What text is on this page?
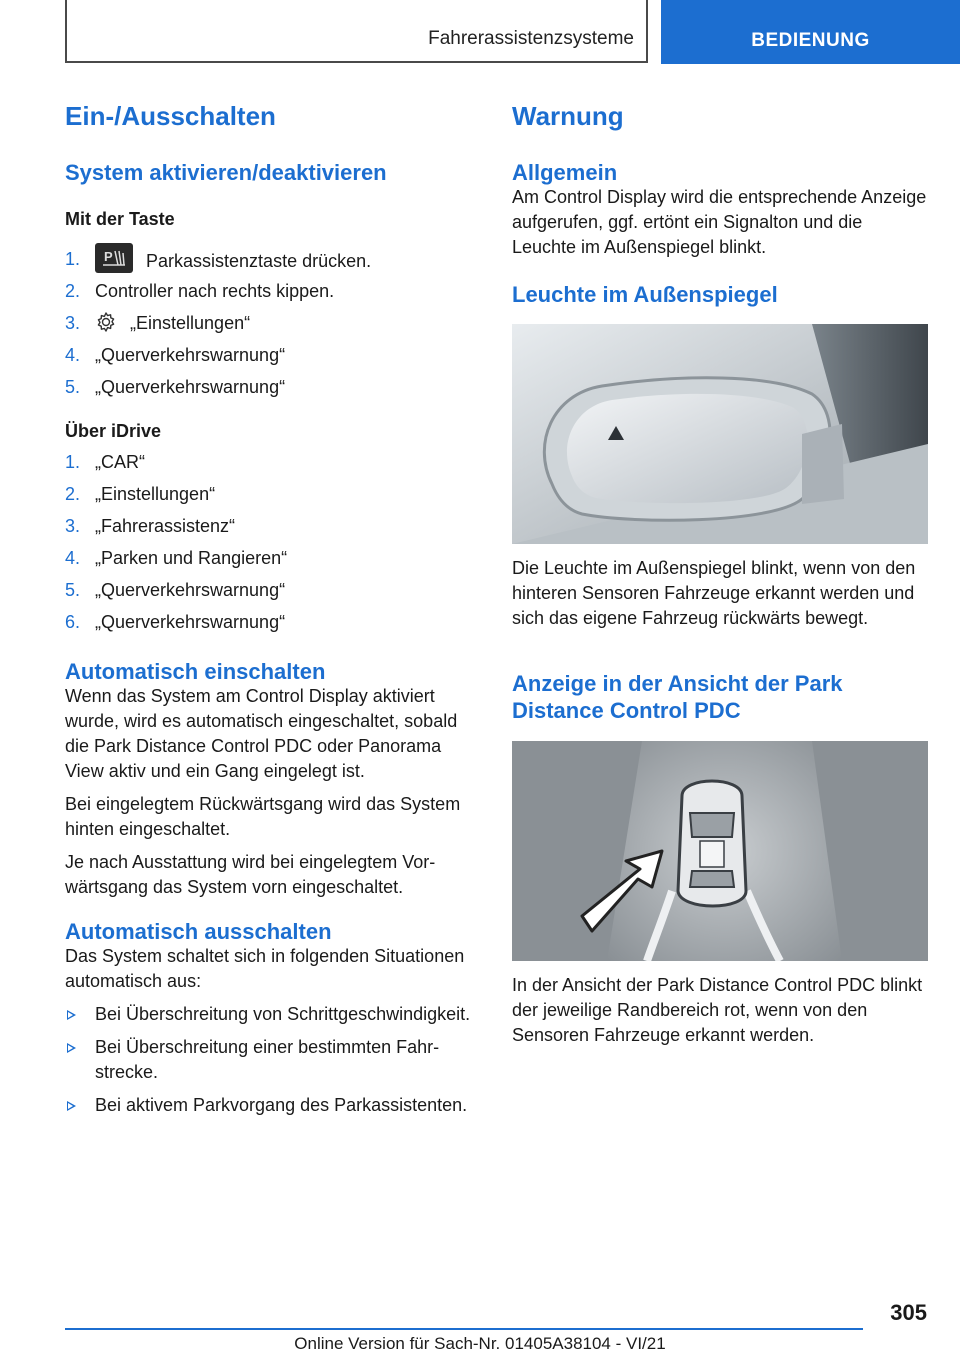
Fahrerassistenzsysteme	BEDIENUNG
Ein-/Ausschalten
System aktivieren/deaktivieren
Mit der Taste
1. P Parkassistenztaste drücken.
2. Controller nach rechts kippen.
3.	„Einstellungen“
4. „Querverkehrswarnung“
5. „Querverkehrswarnung“
Über iDrive
1. „CAR“
2. „Einstellungen“
3. „Fahrerassistenz“
4. „Parken und Rangieren“
5. „Querverkehrswarnung“
6. „Querverkehrswarnung“
Automatisch einschalten

Wenn das System am Control Display aktiviert wurde, wird es automatisch eingeschaltet, sobald die Park Distance Control PDC oder Panorama View aktiv und ein Gang eingelegt ist.

Bei eingelegtem Rückwärtsgang wird das System hinten eingeschaltet.

Je nach Ausstattung wird bei eingelegtem Vorwärtsgang das System vorn eingeschaltet.

Automatisch ausschalten

Das System schaltet sich in folgenden Situationen automatisch aus:

Bei Überschreitung von Schrittgeschwindigkeit.
Bei Überschreitung einer bestimmten Fahrstrecke.
Bei aktivem Parkvorgang des Parkassistenten.
Warnung
Allgemein

Am Control Display wird die entsprechende Anzeige aufgerufen, ggf. ertönt ein Signalton und die Leuchte im Außenspiegel blinkt.

Leuchte im Außenspiegel

Die Leuchte im Außenspiegel blinkt, wenn von den hinteren Sensoren Fahrzeuge erkannt werden und sich das eigene Fahrzeug rückwärts bewegt.

Anzeige in der Ansicht der Park Distance Control PDC

In der Ansicht der Park Distance Control PDC blinkt der jeweilige Randbereich rot, wenn von den Sensoren Fahrzeuge erkannt werden.

305
Online Version für Sach-Nr. 01405A38104 - VI/21
